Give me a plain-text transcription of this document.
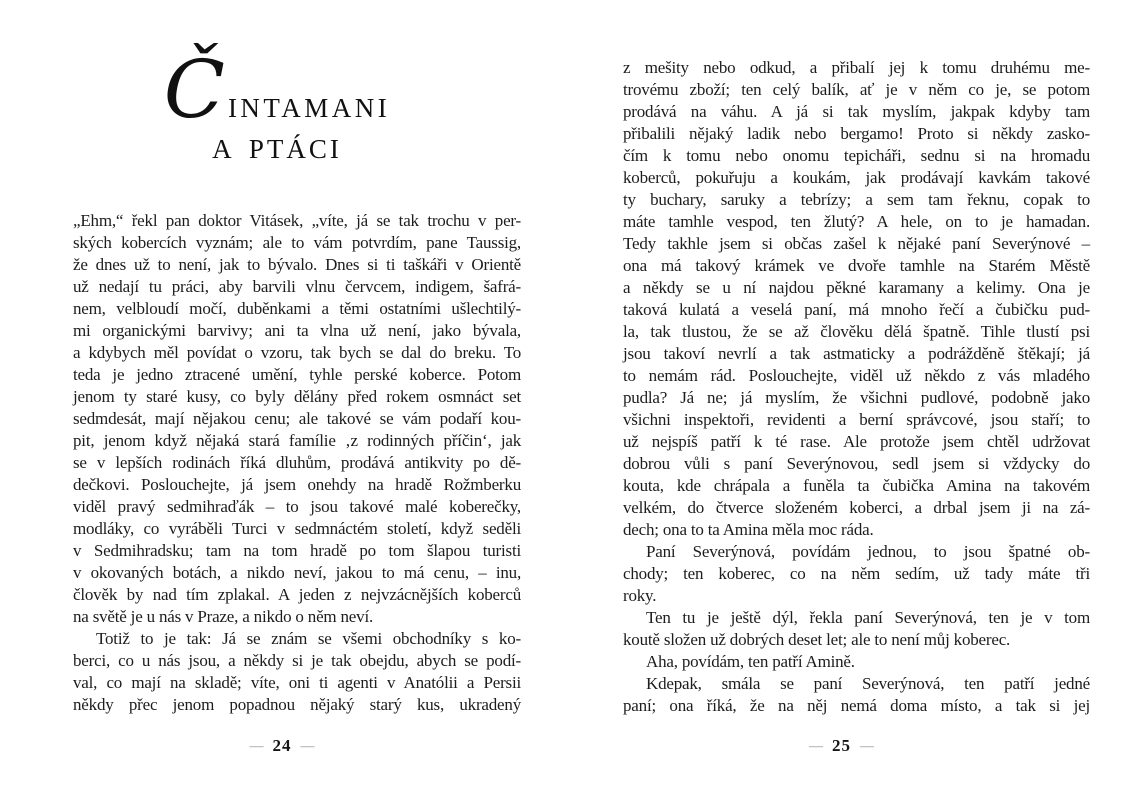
Č INTAMANI
A PTÁCI
„Ehm,“ řekl pan doktor Vitásek, „víte, já se tak trochu v per-
ských kobercích vyznám; ale to vám potvrdím, pane Taussig,
že dnes už to není, jak to bývalo. Dnes si ti taškáři v Orientě
už nedají tu práci, aby barvili vlnu červcem, indigem, šafrá-
nem, velbloudí močí, duběnkami a těmi ostatními ušlechtilý-
mi organickými barvivy; ani ta vlna už není, jako bývala,
a kdybych měl povídat o vzoru, tak bych se dal do breku. To
teda je jedno ztracené umění, tyhle perské koberce. Potom
jenom ty staré kusy, co byly dělány před rokem osmnáct set
sedmdesát, mají nějakou cenu; ale takové se vám podaří kou-
pit, jenom když nějaká stará famílie ‚z rodinných příčin‘, jak
se v lepších rodinách říká dluhům, prodává antikvity po dě-
dečkovi. Poslouchejte, já jsem onehdy na hradě Rožmberku
viděl pravý sedmihraďák – to jsou takové malé koberečky,
modláky, co vyráběli Turci v sedmnáctém století, když seděli
v Sedmihradsku; tam na tom hradě po tom šlapou turisti
v okovaných botách, a nikdo neví, jakou to má cenu, – inu,
člověk by nad tím zplakal. A jeden z nejvzácnějších koberců
na světě je u nás v Praze, a nikdo o něm neví.
Totiž to je tak: Já se znám se všemi obchodníky s ko-
berci, co u nás jsou, a někdy si je tak obejdu, abych se podí-
val, co mají na skladě; víte, oni ti agenti v Anatólii a Persii
někdy přec jenom popadnou nějaký starý kus, ukradený
— 24 —
z mešity nebo odkud, a přibalí jej k tomu druhému me-
trovému zboží; ten celý balík, ať je v něm co je, se potom
prodává na váhu. A já si tak myslím, jakpak kdyby tam
přibalili nějaký ladik nebo bergamo! Proto si někdy zasko-
čím k tomu nebo onomu tepicháři, sednu si na hromadu
koberců, pokuřuju a koukám, jak prodávají kavkám takové
ty buchary, saruky a tebrízy; a sem tam řeknu, copak to
máte tamhle vespod, ten žlutý? A hele, on to je hamadan.
Tedy takhle jsem si občas zašel k nějaké paní Severýnové –
ona má takový krámek ve dvoře tamhle na Starém Městě
a někdy se u ní najdou pěkné karamany a kelimy. Ona je
taková kulatá a veselá paní, má mnoho řečí a čubičku pud-
la, tak tlustou, že se až člověku dělá špatně. Tihle tlustí psi
jsou takoví nevrlí a tak astmaticky a podrážděně štěkají; já
to nemám rád. Poslouchejte, viděl už někdo z vás mladého
pudla? Já ne; já myslím, že všichni pudlové, podobně jako
všichni inspektoři, revidenti a berní správcové, jsou staří; to
už nejspíš patří k té rase. Ale protože jsem chtěl udržovat
dobrou vůli s paní Severýnovou, sedl jsem si vždycky do
kouta, kde chrápala a funěla ta čubička Amina na takovém
velkém, do čtverce složeném koberci, a drbal jsem ji na zá-
dech; ona to ta Amina měla moc ráda.
Paní Severýnová, povídám jednou, to jsou špatné ob-
chody; ten koberec, co na něm sedím, už tady máte tři
roky.
Ten tu je ještě dýl, řekla paní Severýnová, ten je v tom
koutě složen už dobrých deset let; ale to není můj koberec.
Aha, povídám, ten patří Amině.
Kdepak, smála se paní Severýnová, ten patří jedné
paní; ona říká, že na něj nemá doma místo, a tak si jej
— 25 —
